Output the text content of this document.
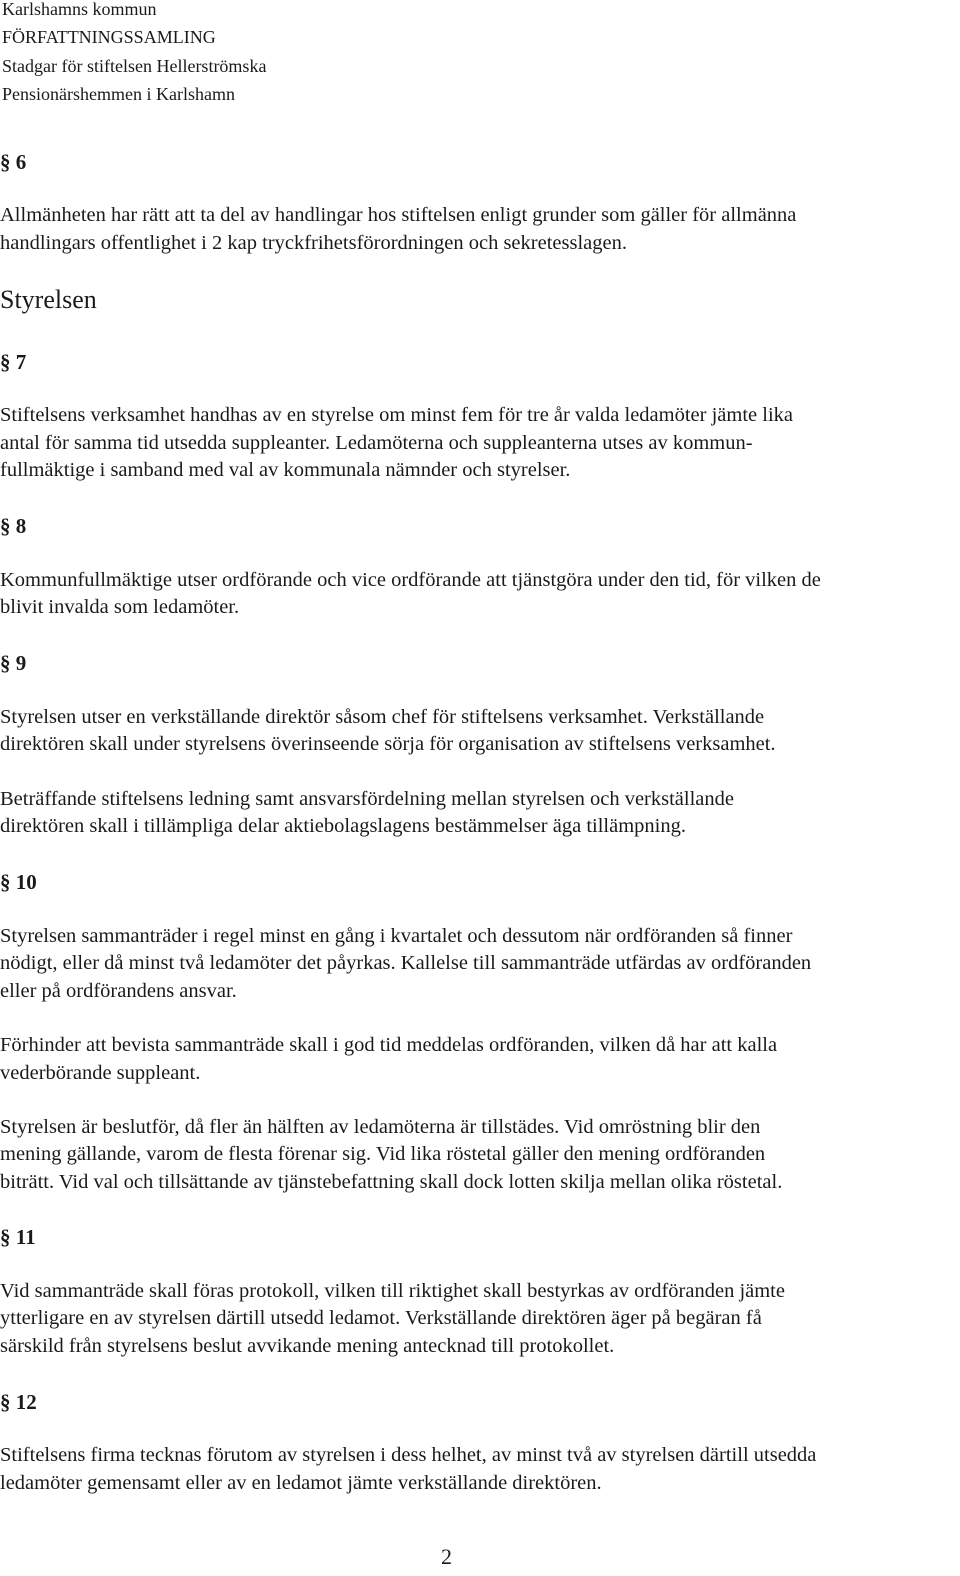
Karlshamns kommun
FÖRFATTNINGSSAMLING
Stadgar för stiftelsen Hellerströmska
Pensionärshemmen i Karlshamn
§ 6
Allmänheten har rätt att ta del av handlingar hos stiftelsen enligt grunder som gäller för allmänna
handlingars offentlighet i 2 kap tryckfrihetsförordningen och sekretesslagen.
Styrelsen
§ 7
Stiftelsens verksamhet handhas av en styrelse om minst fem för tre år valda ledamöter jämte lika
antal för samma tid utsedda suppleanter. Ledamöterna och suppleanterna utses av kommun-
fullmäktige i samband med val av kommunala nämnder och styrelser.
§ 8
Kommunfullmäktige utser ordförande och vice ordförande att tjänstgöra under den tid, för vilken de
blivit invalda som ledamöter.
§ 9
Styrelsen utser en verkställande direktör såsom chef för stiftelsens verksamhet. Verkställande
direktören skall under styrelsens överinseende sörja för organisation av stiftelsens verksamhet.
Beträffande stiftelsens ledning samt ansvarsfördelning mellan styrelsen och verkställande
direktören skall i tillämpliga delar aktiebolagslagens bestämmelser äga tillämpning.
§ 10
Styrelsen sammanträder i regel minst en gång i kvartalet och dessutom när ordföranden så finner
nödigt, eller då minst två ledamöter det påyrkas. Kallelse till sammanträde utfärdas av ordföranden
eller på ordförandens ansvar.
Förhinder att bevista sammanträde skall i god tid meddelas ordföranden, vilken då har att kalla
vederbörande suppleant.
Styrelsen är beslutför, då fler än hälften av ledamöterna är tillstädes. Vid omröstning blir den
mening gällande, varom de flesta förenar sig. Vid lika röstetal gäller den mening ordföranden
biträtt. Vid val och tillsättande av tjänstebefattning skall dock lotten skilja mellan olika röstetal.
§ 11
Vid sammanträde skall föras protokoll, vilken till riktighet skall bestyrkas av ordföranden jämte
ytterligare en av styrelsen därtill utsedd ledamot. Verkställande direktören äger på begäran få
särskild från styrelsens beslut avvikande mening antecknad till protokollet.
§ 12
Stiftelsens firma tecknas förutom av styrelsen i dess helhet, av minst två av styrelsen därtill utsedda
ledamöter gemensamt eller av en ledamot jämte verkställande direktören.
2
